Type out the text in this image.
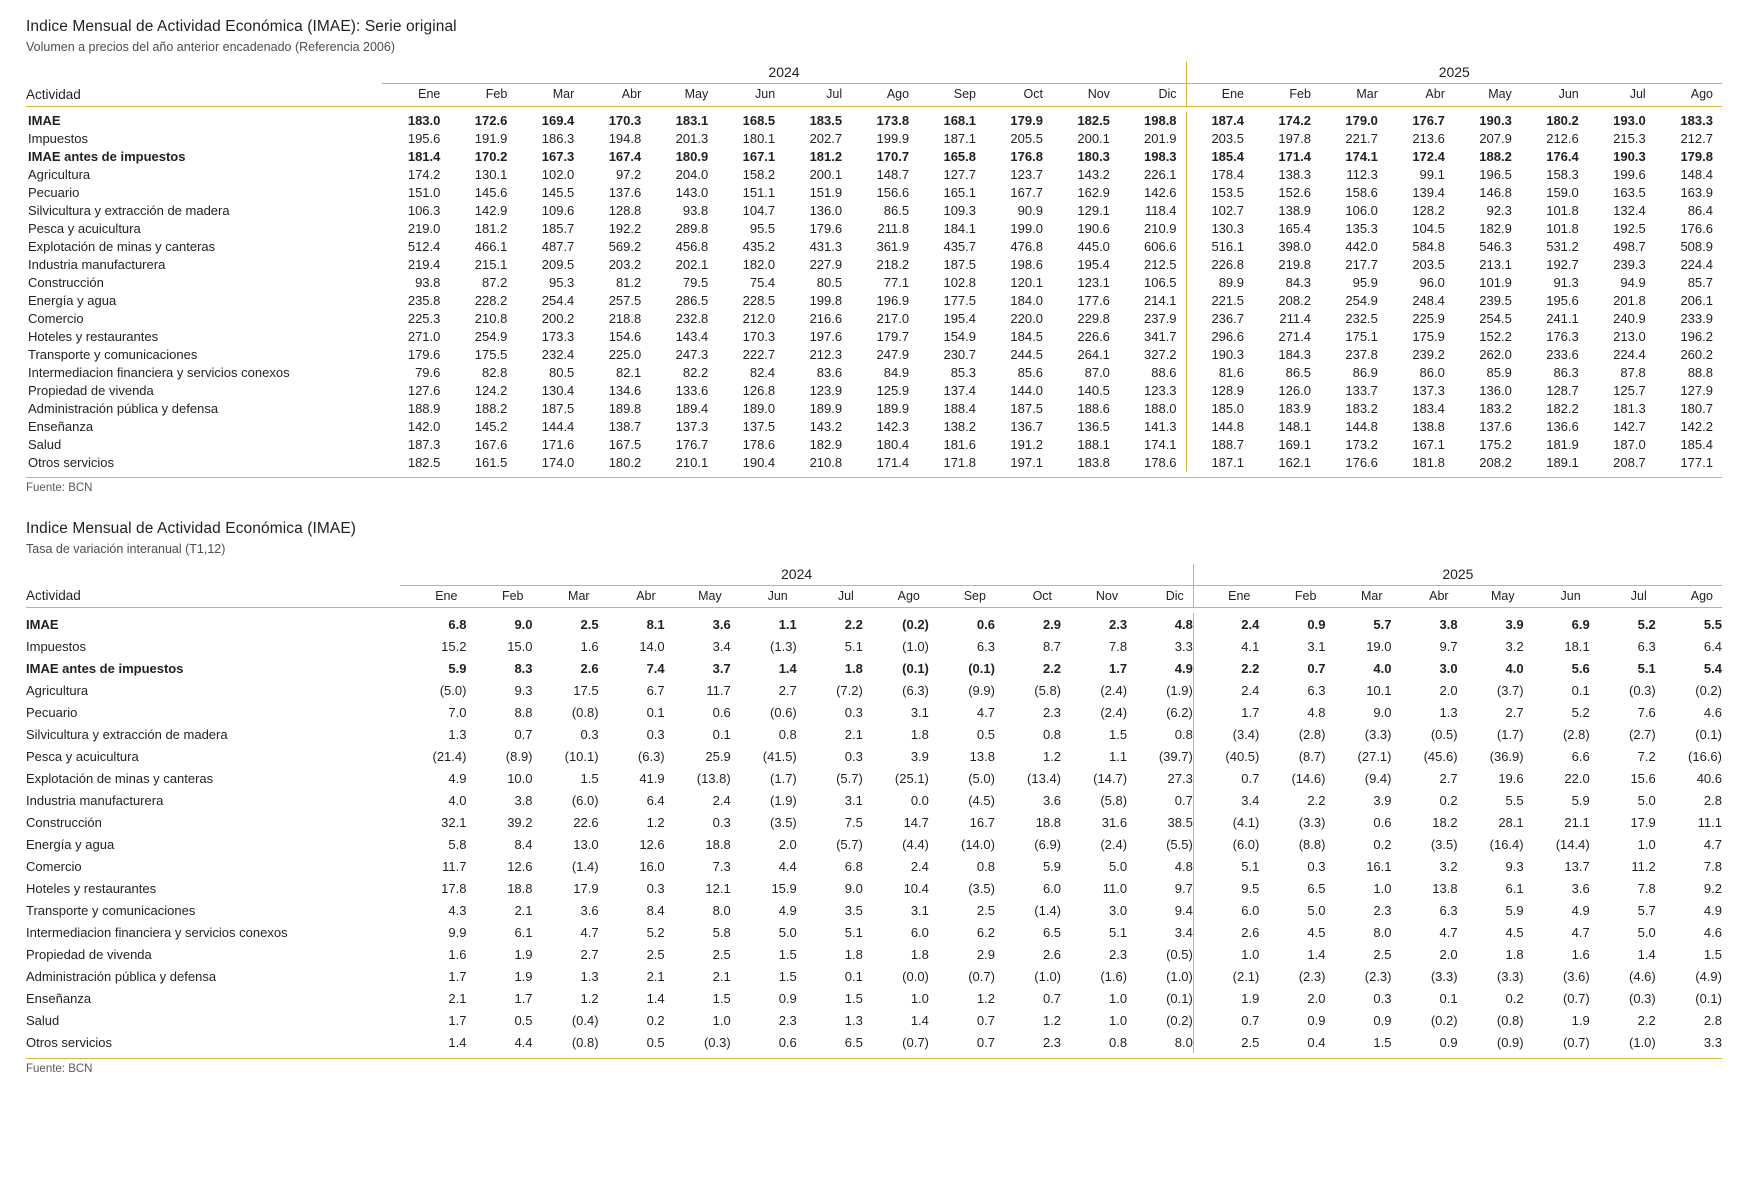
Indice Mensual de Actividad Económica (IMAE): Serie original
Volumen a precios del año anterior encadenado (Referencia 2006)
	2024												2025							
Actividad	Ene	Feb	Mar	Abr	May	Jun	Jul	Ago	Sep	Oct	Nov	Dic	Ene	Feb	Mar	Abr	May	Jun	Jul	Ago

IMAE	183.0	172.6	169.4	170.3	183.1	168.5	183.5	173.8	168.1	179.9	182.5	198.8	187.4	174.2	179.0	176.7	190.3	180.2	193.0	183.3
Impuestos	195.6	191.9	186.3	194.8	201.3	180.1	202.7	199.9	187.1	205.5	200.1	201.9	203.5	197.8	221.7	213.6	207.9	212.6	215.3	212.7
IMAE antes de impuestos	181.4	170.2	167.3	167.4	180.9	167.1	181.2	170.7	165.8	176.8	180.3	198.3	185.4	171.4	174.1	172.4	188.2	176.4	190.3	179.8
Agricultura	174.2	130.1	102.0	97.2	204.0	158.2	200.1	148.7	127.7	123.7	143.2	226.1	178.4	138.3	112.3	99.1	196.5	158.3	199.6	148.4
Pecuario	151.0	145.6	145.5	137.6	143.0	151.1	151.9	156.6	165.1	167.7	162.9	142.6	153.5	152.6	158.6	139.4	146.8	159.0	163.5	163.9
Silvicultura y extracción de madera	106.3	142.9	109.6	128.8	93.8	104.7	136.0	86.5	109.3	90.9	129.1	118.4	102.7	138.9	106.0	128.2	92.3	101.8	132.4	86.4
Pesca y acuicultura	219.0	181.2	185.7	192.2	289.8	95.5	179.6	211.8	184.1	199.0	190.6	210.9	130.3	165.4	135.3	104.5	182.9	101.8	192.5	176.6
Explotación de minas y canteras	512.4	466.1	487.7	569.2	456.8	435.2	431.3	361.9	435.7	476.8	445.0	606.6	516.1	398.0	442.0	584.8	546.3	531.2	498.7	508.9
Industria manufacturera	219.4	215.1	209.5	203.2	202.1	182.0	227.9	218.2	187.5	198.6	195.4	212.5	226.8	219.8	217.7	203.5	213.1	192.7	239.3	224.4
Construcción	93.8	87.2	95.3	81.2	79.5	75.4	80.5	77.1	102.8	120.1	123.1	106.5	89.9	84.3	95.9	96.0	101.9	91.3	94.9	85.7
Energía y agua	235.8	228.2	254.4	257.5	286.5	228.5	199.8	196.9	177.5	184.0	177.6	214.1	221.5	208.2	254.9	248.4	239.5	195.6	201.8	206.1
Comercio	225.3	210.8	200.2	218.8	232.8	212.0	216.6	217.0	195.4	220.0	229.8	237.9	236.7	211.4	232.5	225.9	254.5	241.1	240.9	233.9
Hoteles y restaurantes	271.0	254.9	173.3	154.6	143.4	170.3	197.6	179.7	154.9	184.5	226.6	341.7	296.6	271.4	175.1	175.9	152.2	176.3	213.0	196.2
Transporte y comunicaciones	179.6	175.5	232.4	225.0	247.3	222.7	212.3	247.9	230.7	244.5	264.1	327.2	190.3	184.3	237.8	239.2	262.0	233.6	224.4	260.2
Intermediacion financiera y servicios conexos	79.6	82.8	80.5	82.1	82.2	82.4	83.6	84.9	85.3	85.6	87.0	88.6	81.6	86.5	86.9	86.0	85.9	86.3	87.8	88.8
Propiedad de vivenda	127.6	124.2	130.4	134.6	133.6	126.8	123.9	125.9	137.4	144.0	140.5	123.3	128.9	126.0	133.7	137.3	136.0	128.7	125.7	127.9
Administración pública y defensa	188.9	188.2	187.5	189.8	189.4	189.0	189.9	189.9	188.4	187.5	188.6	188.0	185.0	183.9	183.2	183.4	183.2	182.2	181.3	180.7
Enseñanza	142.0	145.2	144.4	138.7	137.3	137.5	143.2	142.3	138.2	136.7	136.5	141.3	144.8	148.1	144.8	138.8	137.6	136.6	142.7	142.2
Salud	187.3	167.6	171.6	167.5	176.7	178.6	182.9	180.4	181.6	191.2	188.1	174.1	188.7	169.1	173.2	167.1	175.2	181.9	187.0	185.4
Otros servicios	182.5	161.5	174.0	180.2	210.1	190.4	210.8	171.4	171.8	197.1	183.8	178.6	187.1	162.1	176.6	181.8	208.2	189.1	208.7	177.1
Fuente: BCN
Indice Mensual de Actividad Económica (IMAE)
Tasa de variación interanual (T1,12)
	2024												2025							
Actividad	Ene	Feb	Mar	Abr	May	Jun	Jul	Ago	Sep	Oct	Nov	Dic	Ene	Feb	Mar	Abr	May	Jun	Jul	Ago

IMAE	6.8	9.0	2.5	8.1	3.6	1.1	2.2	(0.2)	0.6	2.9	2.3	4.8	2.4	0.9	5.7	3.8	3.9	6.9	5.2	5.5
Impuestos	15.2	15.0	1.6	14.0	3.4	(1.3)	5.1	(1.0)	6.3	8.7	7.8	3.3	4.1	3.1	19.0	9.7	3.2	18.1	6.3	6.4
IMAE antes de impuestos	5.9	8.3	2.6	7.4	3.7	1.4	1.8	(0.1)	(0.1)	2.2	1.7	4.9	2.2	0.7	4.0	3.0	4.0	5.6	5.1	5.4
Agricultura	(5.0)	9.3	17.5	6.7	11.7	2.7	(7.2)	(6.3)	(9.9)	(5.8)	(2.4)	(1.9)	2.4	6.3	10.1	2.0	(3.7)	0.1	(0.3)	(0.2)
Pecuario	7.0	8.8	(0.8)	0.1	0.6	(0.6)	0.3	3.1	4.7	2.3	(2.4)	(6.2)	1.7	4.8	9.0	1.3	2.7	5.2	7.6	4.6
Silvicultura y extracción de madera	1.3	0.7	0.3	0.3	0.1	0.8	2.1	1.8	0.5	0.8	1.5	0.8	(3.4)	(2.8)	(3.3)	(0.5)	(1.7)	(2.8)	(2.7)	(0.1)
Pesca y acuicultura	(21.4)	(8.9)	(10.1)	(6.3)	25.9	(41.5)	0.3	3.9	13.8	1.2	1.1	(39.7)	(40.5)	(8.7)	(27.1)	(45.6)	(36.9)	6.6	7.2	(16.6)
Explotación de minas y canteras	4.9	10.0	1.5	41.9	(13.8)	(1.7)	(5.7)	(25.1)	(5.0)	(13.4)	(14.7)	27.3	0.7	(14.6)	(9.4)	2.7	19.6	22.0	15.6	40.6
Industria manufacturera	4.0	3.8	(6.0)	6.4	2.4	(1.9)	3.1	0.0	(4.5)	3.6	(5.8)	0.7	3.4	2.2	3.9	0.2	5.5	5.9	5.0	2.8
Construcción	32.1	39.2	22.6	1.2	0.3	(3.5)	7.5	14.7	16.7	18.8	31.6	38.5	(4.1)	(3.3)	0.6	18.2	28.1	21.1	17.9	11.1
Energía y agua	5.8	8.4	13.0	12.6	18.8	2.0	(5.7)	(4.4)	(14.0)	(6.9)	(2.4)	(5.5)	(6.0)	(8.8)	0.2	(3.5)	(16.4)	(14.4)	1.0	4.7
Comercio	11.7	12.6	(1.4)	16.0	7.3	4.4	6.8	2.4	0.8	5.9	5.0	4.8	5.1	0.3	16.1	3.2	9.3	13.7	11.2	7.8
Hoteles y restaurantes	17.8	18.8	17.9	0.3	12.1	15.9	9.0	10.4	(3.5)	6.0	11.0	9.7	9.5	6.5	1.0	13.8	6.1	3.6	7.8	9.2
Transporte y comunicaciones	4.3	2.1	3.6	8.4	8.0	4.9	3.5	3.1	2.5	(1.4)	3.0	9.4	6.0	5.0	2.3	6.3	5.9	4.9	5.7	4.9
Intermediacion financiera y servicios conexos	9.9	6.1	4.7	5.2	5.8	5.0	5.1	6.0	6.2	6.5	5.1	3.4	2.6	4.5	8.0	4.7	4.5	4.7	5.0	4.6
Propiedad de vivenda	1.6	1.9	2.7	2.5	2.5	1.5	1.8	1.8	2.9	2.6	2.3	(0.5)	1.0	1.4	2.5	2.0	1.8	1.6	1.4	1.5
Administración pública y defensa	1.7	1.9	1.3	2.1	2.1	1.5	0.1	(0.0)	(0.7)	(1.0)	(1.6)	(1.0)	(2.1)	(2.3)	(2.3)	(3.3)	(3.3)	(3.6)	(4.6)	(4.9)
Enseñanza	2.1	1.7	1.2	1.4	1.5	0.9	1.5	1.0	1.2	0.7	1.0	(0.1)	1.9	2.0	0.3	0.1	0.2	(0.7)	(0.3)	(0.1)
Salud	1.7	0.5	(0.4)	0.2	1.0	2.3	1.3	1.4	0.7	1.2	1.0	(0.2)	0.7	0.9	0.9	(0.2)	(0.8)	1.9	2.2	2.8
Otros servicios	1.4	4.4	(0.8)	0.5	(0.3)	0.6	6.5	(0.7)	0.7	2.3	0.8	8.0	2.5	0.4	1.5	0.9	(0.9)	(0.7)	(1.0)	3.3
Fuente: BCN
